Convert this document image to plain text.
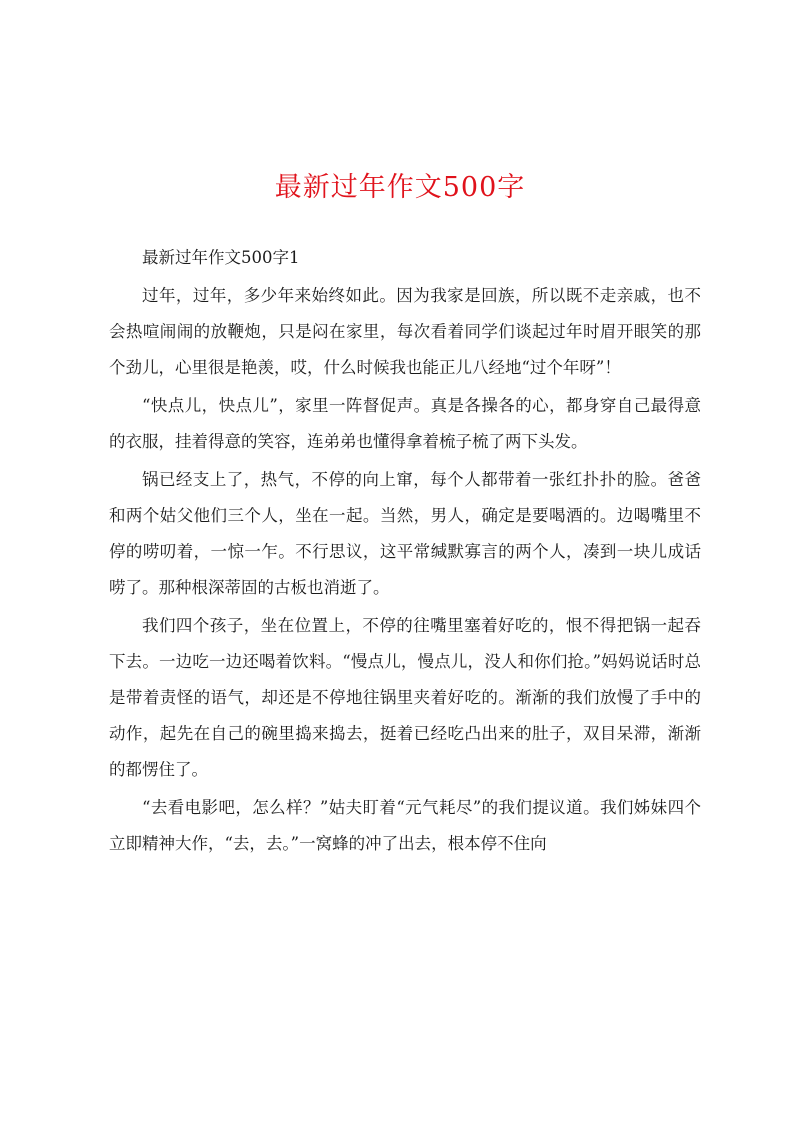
最新过年作文500字

最新过年作文500字1

过年，过年，多少年来始终如此。因为我家是回族，所以既不走亲戚，也不会热喧闹闹的放鞭炮，只是闷在家里，每次看着同学们谈起过年时眉开眼笑的那个劲儿，心里很是艳羡，哎，什么时候我也能正儿八经地“过个年呀”！

“快点儿，快点儿”，家里一阵督促声。真是各操各的心，都身穿自己最得意的衣服，挂着得意的笑容，连弟弟也懂得拿着梳子梳了两下头发。

锅已经支上了，热气，不停的向上窜，每个人都带着一张红扑扑的脸。爸爸和两个姑父他们三个人，坐在一起。当然，男人，确定是要喝酒的。边喝嘴里不停的唠叨着，一惊一乍。不行思议，这平常缄默寡言的两个人，凑到一块儿成话唠了。那种根深蒂固的古板也消逝了。

我们四个孩子，坐在位置上，不停的往嘴里塞着好吃的，恨不得把锅一起吞下去。一边吃一边还喝着饮料。“慢点儿，慢点儿，没人和你们抢。”妈妈说话时总是带着责怪的语气，却还是不停地往锅里夹着好吃的。渐渐的我们放慢了手中的动作，起先在自己的碗里捣来捣去，挺着已经吃凸出来的肚子，双目呆滞，渐渐的都愣住了。

“去看电影吧，怎么样？”姑夫盯着“元气耗尽”的我们提议道。我们姊妹四个立即精神大作，“去，去。”一窝蜂的冲了出去，根本停不住向
